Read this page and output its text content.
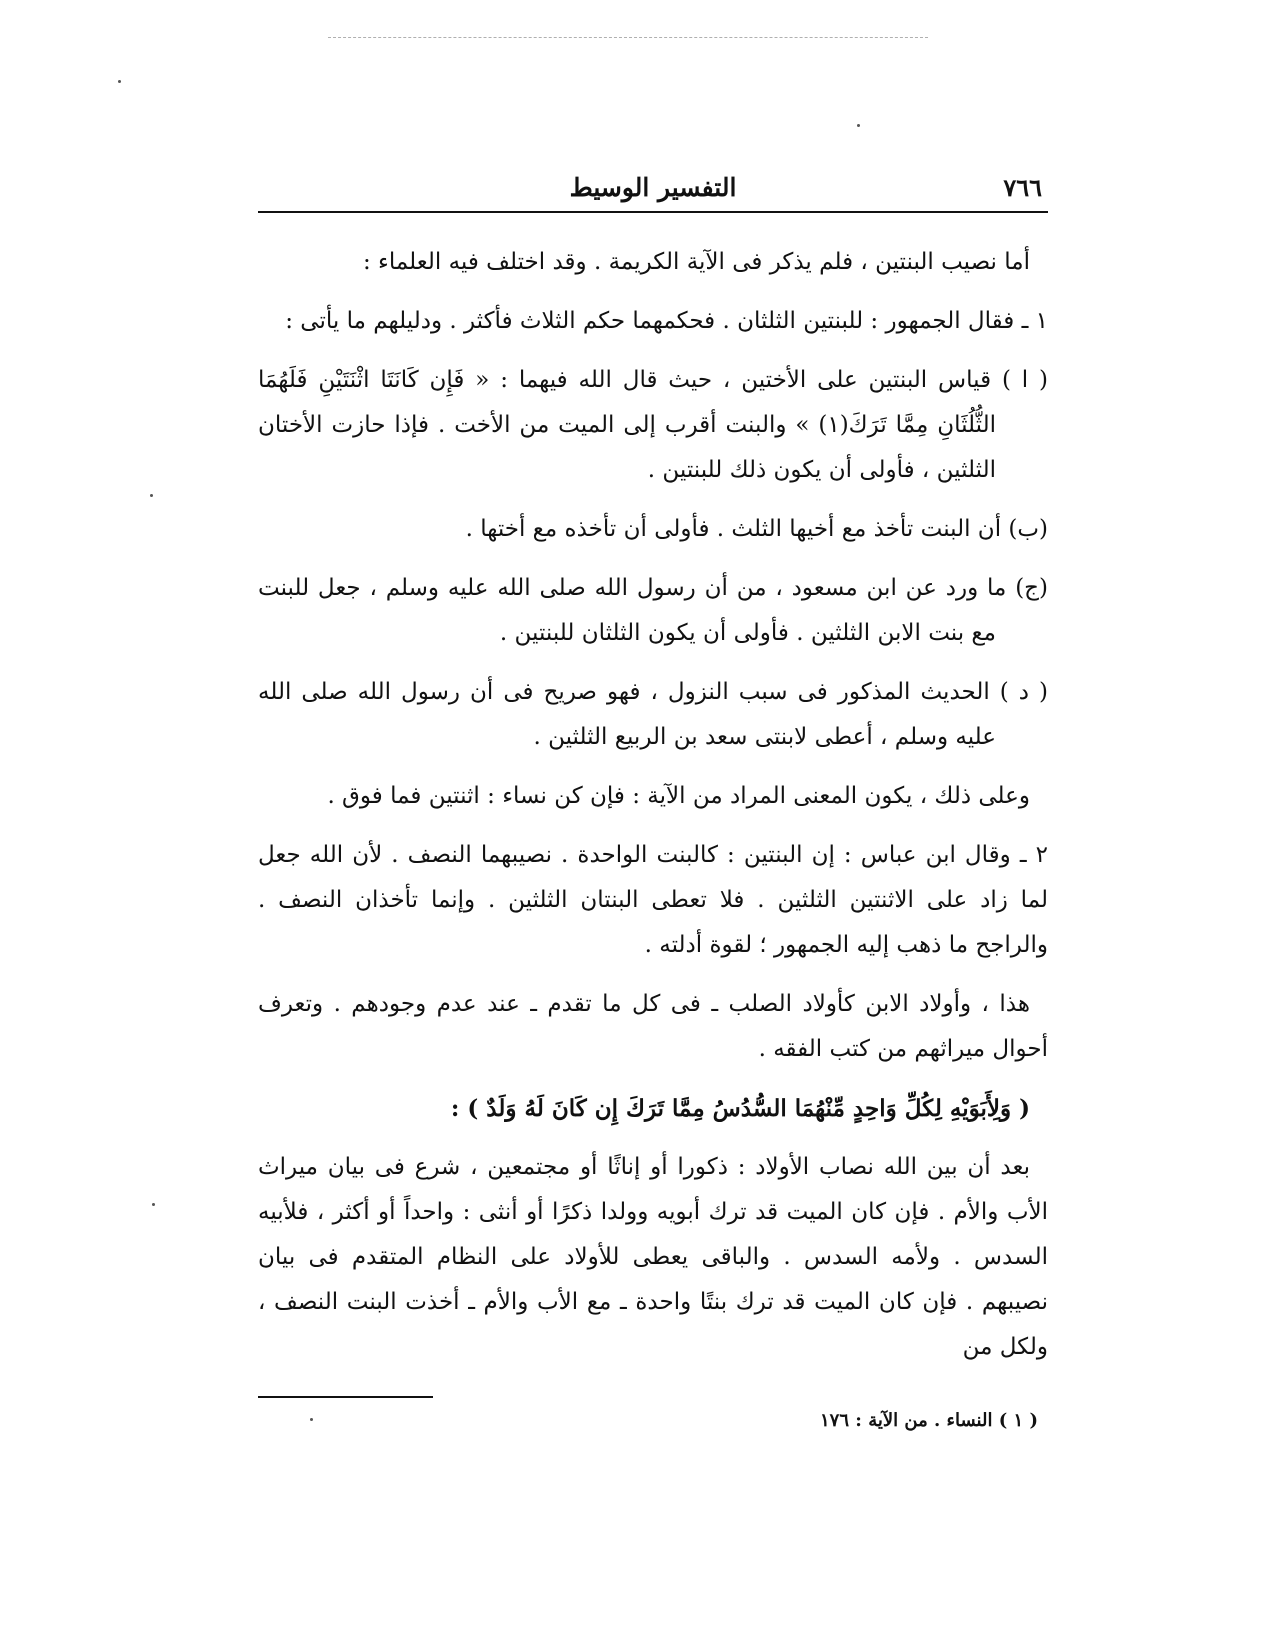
٧٦٦
التفسير الوسيط

أما نصيب البنتين ، فلم يذكر فى الآية الكريمة . وقد اختلف فيه العلماء :

١ ـ فقال الجمهور : للبنتين الثلثان . فحكمهما حكم الثلاث فأكثر . ودليلهم ما يأتى :

( ا ) قياس البنتين على الأختين ، حيث قال الله فيهما : « فَإِن كَانَتَا اثْنَتَيْنِ فَلَهُمَا الثُّلُثَانِ مِمَّا تَرَكَ(١) » والبنت أقرب إلى الميت من الأخت . فإذا حازت الأختان الثلثين ، فأولى أن يكون ذلك للبنتين .

(ب) أن البنت تأخذ مع أخيها الثلث . فأولى أن تأخذه مع أختها .

(ج) ما ورد عن ابن مسعود ، من أن رسول الله صلى الله عليه وسلم ، جعل للبنت مع بنت الابن الثلثين . فأولى أن يكون الثلثان للبنتين .

( د ) الحديث المذكور فى سبب النزول ، فهو صريح فى أن رسول الله صلى الله عليه وسلم ، أعطى لابنتى سعد بن الربيع الثلثين .

وعلى ذلك ، يكون المعنى المراد من الآية : فإن كن نساء : اثنتين فما فوق .

٢ ـ وقال ابن عباس : إن البنتين : كالبنت الواحدة . نصيبهما النصف . لأن الله جعل لما زاد على الاثنتين الثلثين . فلا تعطى البنتان الثلثين . وإنما تأخذان النصف . والراجح ما ذهب إليه الجمهور ؛ لقوة أدلته .

هذا ، وأولاد الابن كأولاد الصلب ـ فى كل ما تقدم ـ عند عدم وجودهم . وتعرف أحوال ميراثهم من كتب الفقه .

( وَلِأَبَوَيْهِ لِكُلِّ وَاحِدٍ مِّنْهُمَا السُّدُسُ مِمَّا تَرَكَ إِن كَانَ لَهُ وَلَدٌ ) :

بعد أن بين الله نصاب الأولاد : ذكورا أو إناثًا أو مجتمعين ، شرع فى بيان ميراث الأب والأم . فإن كان الميت قد ترك أبويه وولدا ذكرًا أو أنثى : واحداً أو أكثر ، فلأبيه السدس . ولأمه السدس . والباقى يعطى للأولاد على النظام المتقدم فى بيان نصيبهم . فإن كان الميت قد ترك بنتًا واحدة ـ مع الأب والأم ـ أخذت البنت النصف ، ولكل من

( ١ ) النساء . من الآية : ١٧٦
